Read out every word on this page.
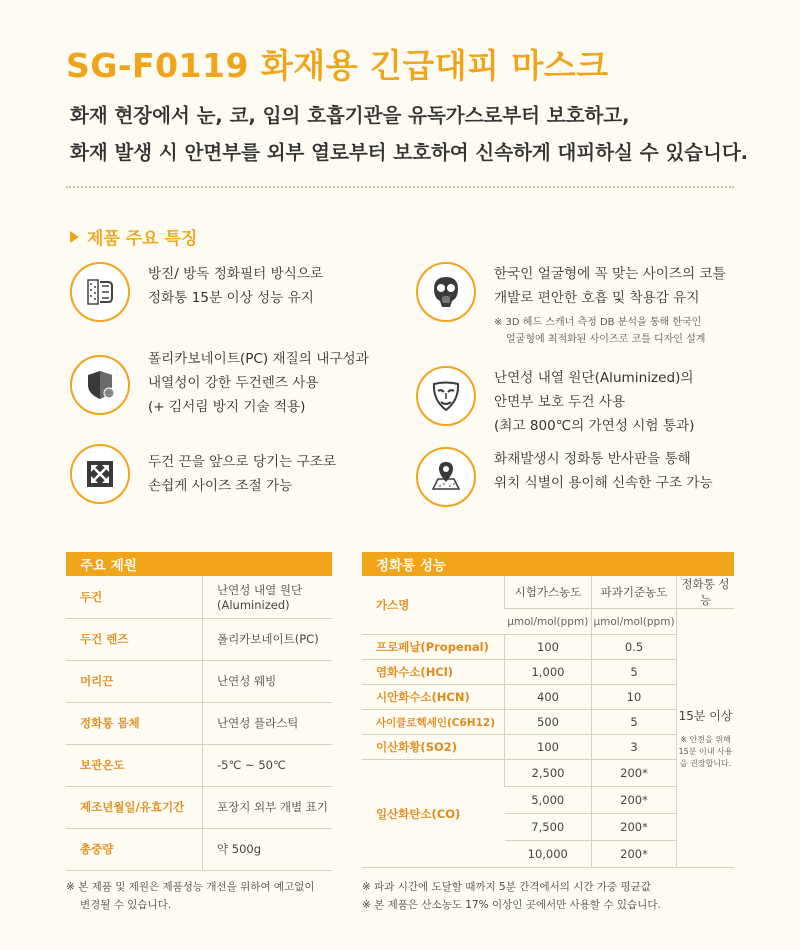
SG-F0119 화재용 긴급대피 마스크
화재 현장에서 눈, 코, 입의 호흡기관을 유독가스로부터 보호하고,
화재 발생 시 안면부를 외부 열로부터 보호하여 신속하게 대피하실 수 있습니다.
제품 주요 특징
방진/ 방독 정화필터 방식으로
정화통 15분 이상 성능 유지
폴리카보네이트(PC) 재질의 내구성과
내열성이 강한 두건렌즈 사용
(+ 김서림 방지 기술 적용)
두건 끈을 앞으로 당기는 구조로
손쉽게 사이즈 조절 가능
한국인 얼굴형에 꼭 맞는 사이즈의 코틀
개발로 편안한 호흡 및 착용감 유지
※ 3D 헤드 스캐너 측정 DB 분석을 통해 한국인
얼굴형에 최적화된 사이즈로 코틀 디자인 설계
난연성 내열 원단(Aluminized)의
안면부 보호 두건 사용
(최고 800℃의 가연성 시험 통과)
화재발생시 정화통 반사판을 통해
위치 식별이 용이해 신속한 구조 가능
주요 제원
두건	난연성 내열 원단
(Aluminized)

두건 렌즈	폴리카보네이트(PC)
머리끈	난연성 웨빙
정화통 몸체	난연성 플라스틱
보관온도	-5℃ ~ 50℃
제조년월일/유효기간	포장지 외부 개별 표기
총중량	약 500g
※ 본 제품 및 제원은 제품성능 개선을 위하여 예고없이
변경될 수 있습니다.
정화통 성능
가스명	시험가스농도	파과기준농도	정화통 성능
	μmol/mol(ppm)	μmol/mol(ppm)	15분 이상
※ 안전을 위해
15분 이내 사용
을 권장합니다.

프로페날(Propenal)	100	0.5	
염화수소(HCl)	1,000	5	
시안화수소(HCN)	400	10	
사이클로헥세인(C6H12)	500	5	
이산화황(SO2)	100	3	
일산화탄소(CO)	2,500	200*	
	5,000	200*	
	7,500	200*	
	10,000	200*	
※ 파과 시간에 도달할 때까지 5분 간격에서의 시간 가중 평균값
※ 본 제품은 산소농도 17% 이상인 곳에서만 사용할 수 있습니다.
